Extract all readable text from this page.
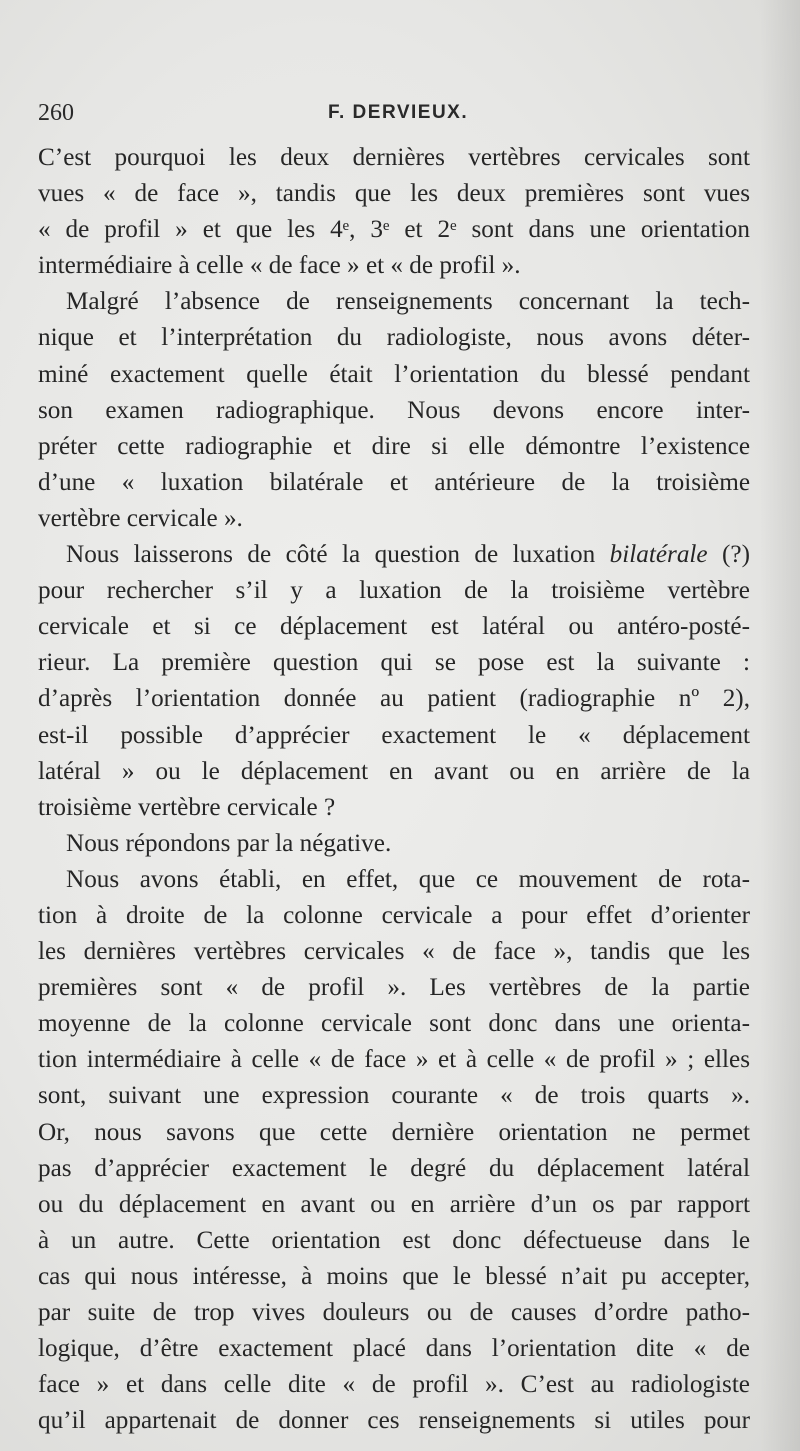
260	F. DERVIEUX.
C’est pourquoi les deux dernières vertèbres cervicales sont
vues « de face », tandis que les deux premières sont vues
« de profil » et que les 4ᵉ, 3ᵉ et 2ᵉ sont dans une orientation
intermédiaire à celle « de face » et « de profil ».
Malgré l’absence de renseignements concernant la tech-
nique et l’interprétation du radiologiste, nous avons déter-
miné exactement quelle était l’orientation du blessé pendant
son examen radiographique. Nous devons encore inter-
préter cette radiographie et dire si elle démontre l’existence
d’une « luxation bilatérale et antérieure de la troisième
vertèbre cervicale ».
Nous laisserons de côté la question de luxation bilatérale (?)
pour rechercher s’il y a luxation de la troisième vertèbre
cervicale et si ce déplacement est latéral ou antéro-posté-
rieur. La première question qui se pose est la suivante :
d’après l’orientation donnée au patient (radiographie nº 2),
est-il possible d’apprécier exactement le « déplacement
latéral » ou le déplacement en avant ou en arrière de la
troisième vertèbre cervicale ?
Nous répondons par la négative.
Nous avons établi, en effet, que ce mouvement de rota-
tion à droite de la colonne cervicale a pour effet d’orienter
les dernières vertèbres cervicales « de face », tandis que les
premières sont « de profil ». Les vertèbres de la partie
moyenne de la colonne cervicale sont donc dans une orienta-
tion intermédiaire à celle « de face » et à celle « de profil » ; elles
sont, suivant une expression courante « de trois quarts ».
Or, nous savons que cette dernière orientation ne permet
pas d’apprécier exactement le degré du déplacement latéral
ou du déplacement en avant ou en arrière d’un os par rapport
à un autre. Cette orientation est donc défectueuse dans le
cas qui nous intéresse, à moins que le blessé n’ait pu accepter,
par suite de trop vives douleurs ou de causes d’ordre patho-
logique, d’être exactement placé dans l’orientation dite « de
face » et dans celle dite « de profil ». C’est au radiologiste
qu’il appartenait de donner ces renseignements si utiles pour
